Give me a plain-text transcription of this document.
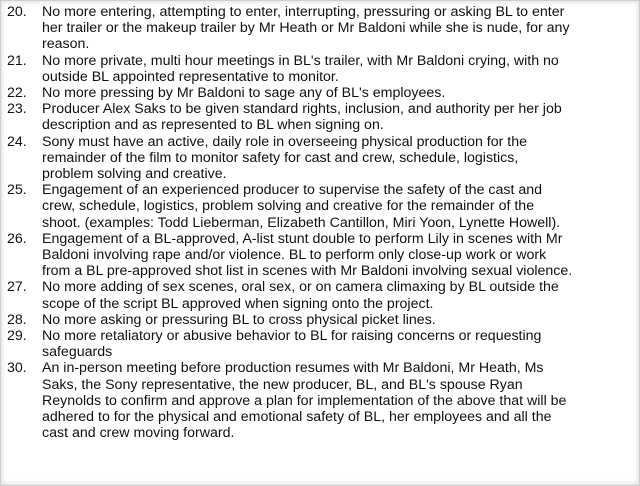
20.	No more entering, attempting to enter, interrupting, pressuring or asking BL to enter
her trailer or the makeup trailer by Mr Heath or Mr Baldoni while she is nude, for any
reason.
21.	No more private, multi hour meetings in BL's trailer, with Mr Baldoni crying, with no
outside BL appointed representative to monitor.
22.	No more pressing by Mr Baldoni to sage any of BL's employees.
23.	Producer Alex Saks to be given standard rights, inclusion, and authority per her job
description and as represented to BL when signing on.
24.	Sony must have an active, daily role in overseeing physical production for the
remainder of the film to monitor safety for cast and crew, schedule, logistics,
problem solving and creative.
25.	Engagement of an experienced producer to supervise the safety of the cast and
crew, schedule, logistics, problem solving and creative for the remainder of the
shoot. (examples: Todd Lieberman, Elizabeth Cantillon, Miri Yoon, Lynette Howell).
26.	Engagement of a BL-approved, A-list stunt double to perform Lily in scenes with Mr
Baldoni involving rape and/or violence. BL to perform only close-up work or work
from a BL pre-approved shot list in scenes with Mr Baldoni involving sexual violence.
27.	No more adding of sex scenes, oral sex, or on camera climaxing by BL outside the
scope of the script BL approved when signing onto the project.
28.	No more asking or pressuring BL to cross physical picket lines.
29.	No more retaliatory or abusive behavior to BL for raising concerns or requesting
safeguards
30.	An in-person meeting before production resumes with Mr Baldoni, Mr Heath, Ms
Saks, the Sony representative, the new producer, BL, and BL's spouse Ryan
Reynolds to confirm and approve a plan for implementation of the above that will be
adhered to for the physical and emotional safety of BL, her employees and all the
cast and crew moving forward.
